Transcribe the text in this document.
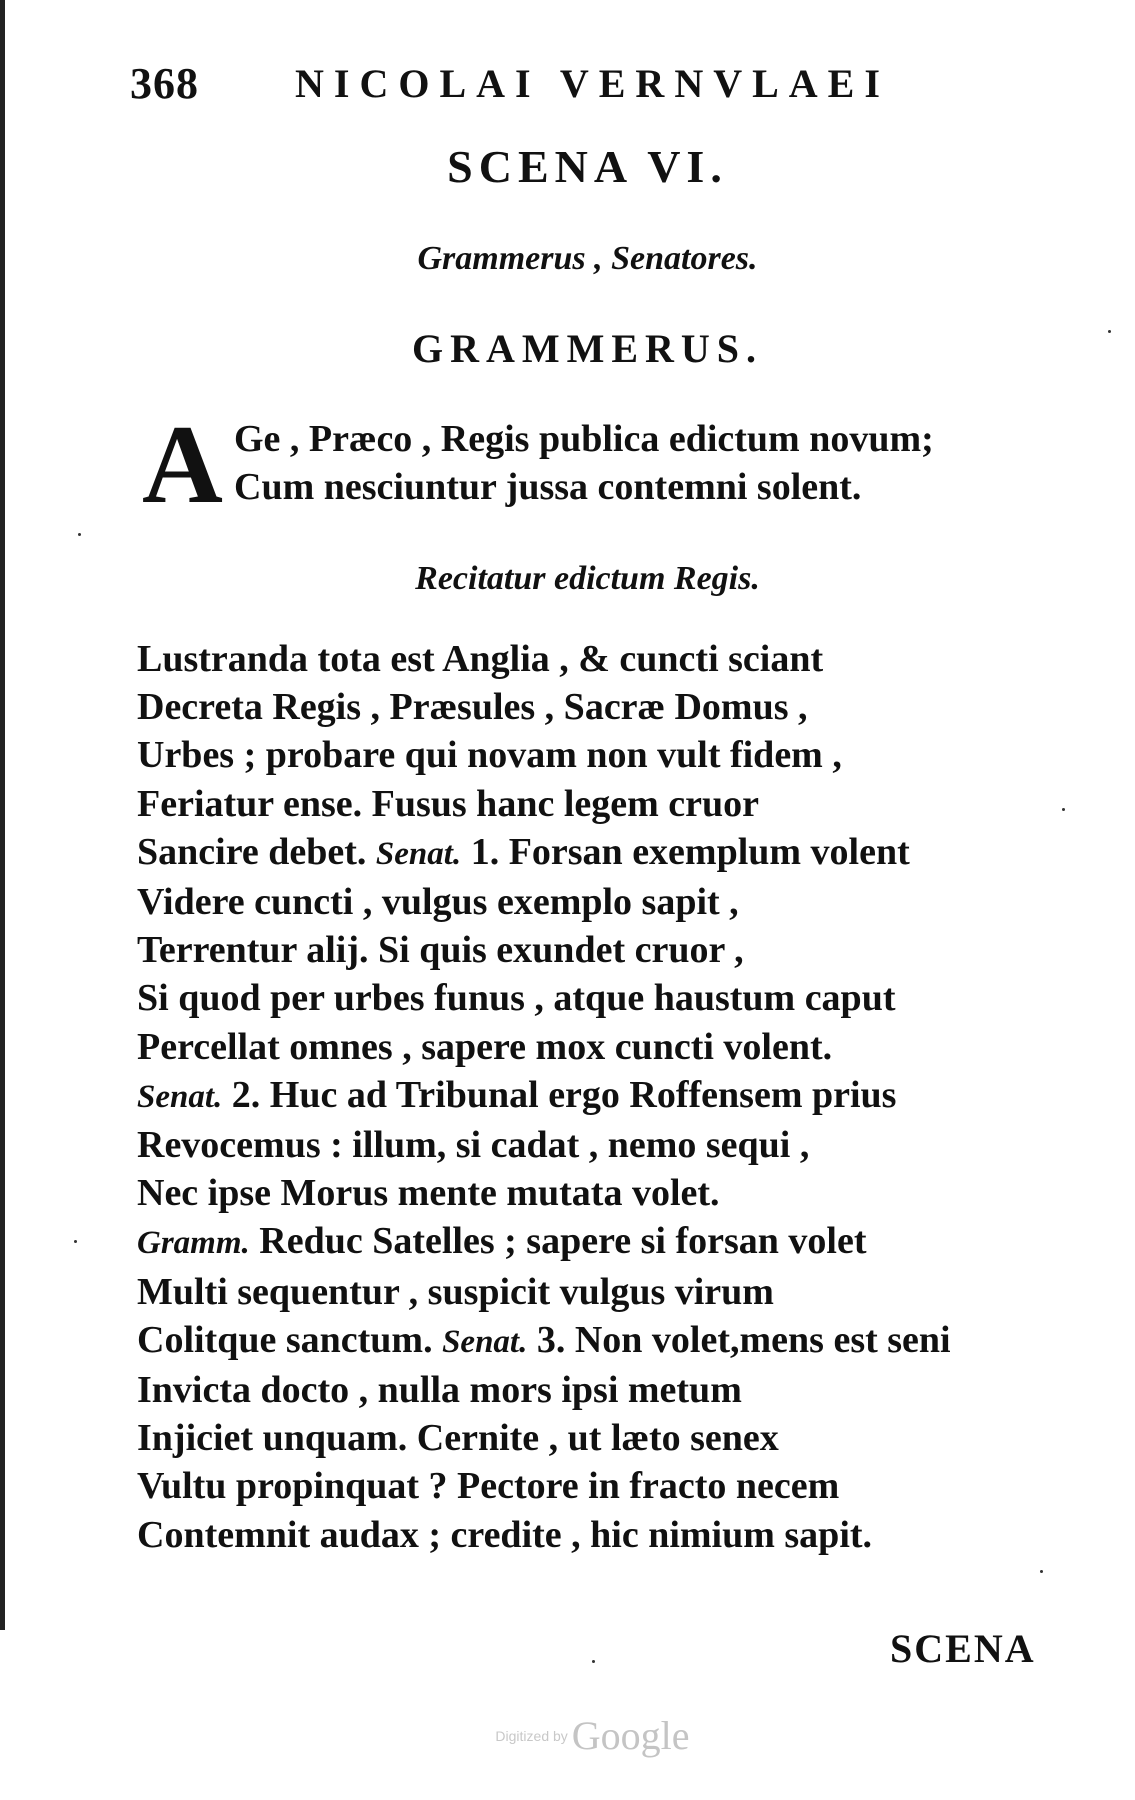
368 NICOLAI VERNVLAEI
SCENA VI.
Grammerus , Senatores.
GRAMMERUS.
A Ge , Præco , Regis publica edictum novum;
Cum nesciuntur jussa contemni solent.
Recitatur edictum Regis.
Lustranda tota est Anglia , & cuncti sciant
Decreta Regis , Præsules , Sacræ Domus ,
Urbes ; probare qui novam non vult fidem ,
Feriatur ense. Fusus hanc legem cruor
Sancire debet. Senat. 1. Forsan exemplum volent
Videre cuncti , vulgus exemplo sapit ,
Terrentur alij. Si quis exundet cruor ,
Si quod per urbes funus , atque haustum caput
Percellat omnes , sapere mox cuncti volent.
Senat. 2. Huc ad Tribunal ergo Roffensem prius
Revocemus : illum, si cadat , nemo sequi ,
Nec ipse Morus mente mutata volet.
Gramm. Reduc Satelles ; sapere si forsan volet
Multi sequentur , suspicit vulgus virum
Colitque sanctum. Senat. 3. Non volet,mens est seni
Invicta docto , nulla mors ipsi metum
Injiciet unquam. Cernite , ut læto senex
Vultu propinquat ? Pectore in fracto necem
Contemnit audax ; credite , hic nimium sapit.
SCENA
Digitized by Google
